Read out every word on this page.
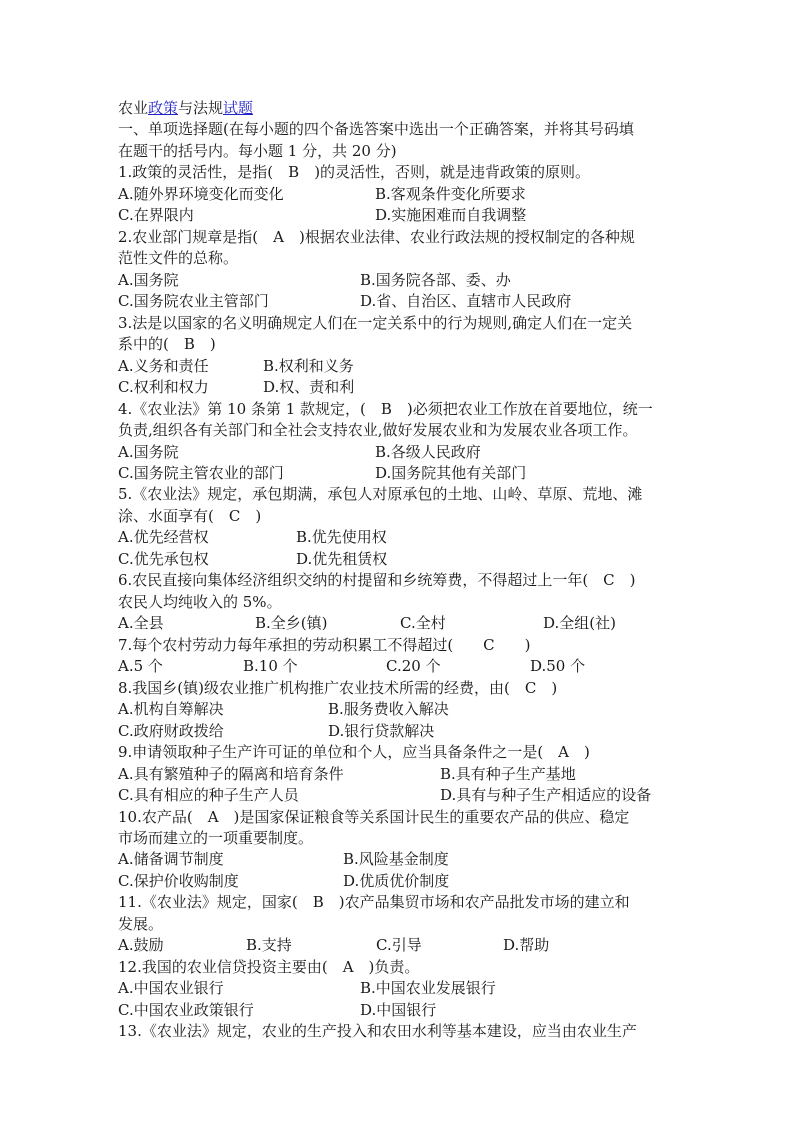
农业政策与法规试题
一、单项选择题(在每小题的四个备选答案中选出一个正确答案，并将其号码填
在题干的括号内。每小题 1 分，共 20 分)
1.政策的灵活性，是指(　B　)的灵活性，否则，就是违背政策的原则。
A.随外界环境变化而变化	B.客观条件变化所要求
C.在界限内	D.实施困难而自我调整
2.农业部门规章是指(　A　)根据农业法律、农业行政法规的授权制定的各种规
范性文件的总称。
A.国务院	B.国务院各部、委、办
C.国务院农业主管部门	D.省、自治区、直辖市人民政府
3.法是以国家的名义明确规定人们在一定关系中的行为规则,确定人们在一定关
系中的(　B　)
A.义务和责任	B.权利和义务
C.权利和权力	D.权、责和利
4.《农业法》第 10 条第 1 款规定，(　B　)必须把农业工作放在首要地位，统一
负责,组织各有关部门和全社会支持农业,做好发展农业和为发展农业各项工作。
A.国务院	B.各级人民政府
C.国务院主管农业的部门	D.国务院其他有关部门
5.《农业法》规定，承包期满，承包人对原承包的土地、山岭、草原、荒地、滩
涂、水面享有(　C　)
A.优先经营权	B.优先使用权
C.优先承包权	D.优先租赁权
6.农民直接向集体经济组织交纳的村提留和乡统筹费，不得超过上一年(　C　)
农民人均纯收入的 5%。
A.全县	B.全乡(镇)	C.全村	D.全组(社)
7.每个农村劳动力每年承担的劳动积累工不得超过(　　C　　)
A.5 个	B.10 个	C.20 个	D.50 个
8.我国乡(镇)级农业推广机构推广农业技术所需的经费，由(　C　)
A.机构自筹解决	B.服务费收入解决
C.政府财政拨给	D.银行贷款解决
9.申请领取种子生产许可证的单位和个人，应当具备条件之一是(　A　)
A.具有繁殖种子的隔离和培育条件	B.具有种子生产基地
C.具有相应的种子生产人员	D.具有与种子生产相适应的设备
10.农产品(　A　)是国家保证粮食等关系国计民生的重要农产品的供应、稳定
市场而建立的一项重要制度。
A.储备调节制度	B.风险基金制度
C.保护价收购制度	D.优质优价制度
11.《农业法》规定，国家(　B　)农产品集贸市场和农产品批发市场的建立和
发展。
A.鼓励	B.支持	C.引导	D.帮助
12.我国的农业信贷投资主要由(　A　)负责。
A.中国农业银行	B.中国农业发展银行
C.中国农业政策银行	D.中国银行
13.《农业法》规定，农业的生产投入和农田水利等基本建设，应当由农业生产
